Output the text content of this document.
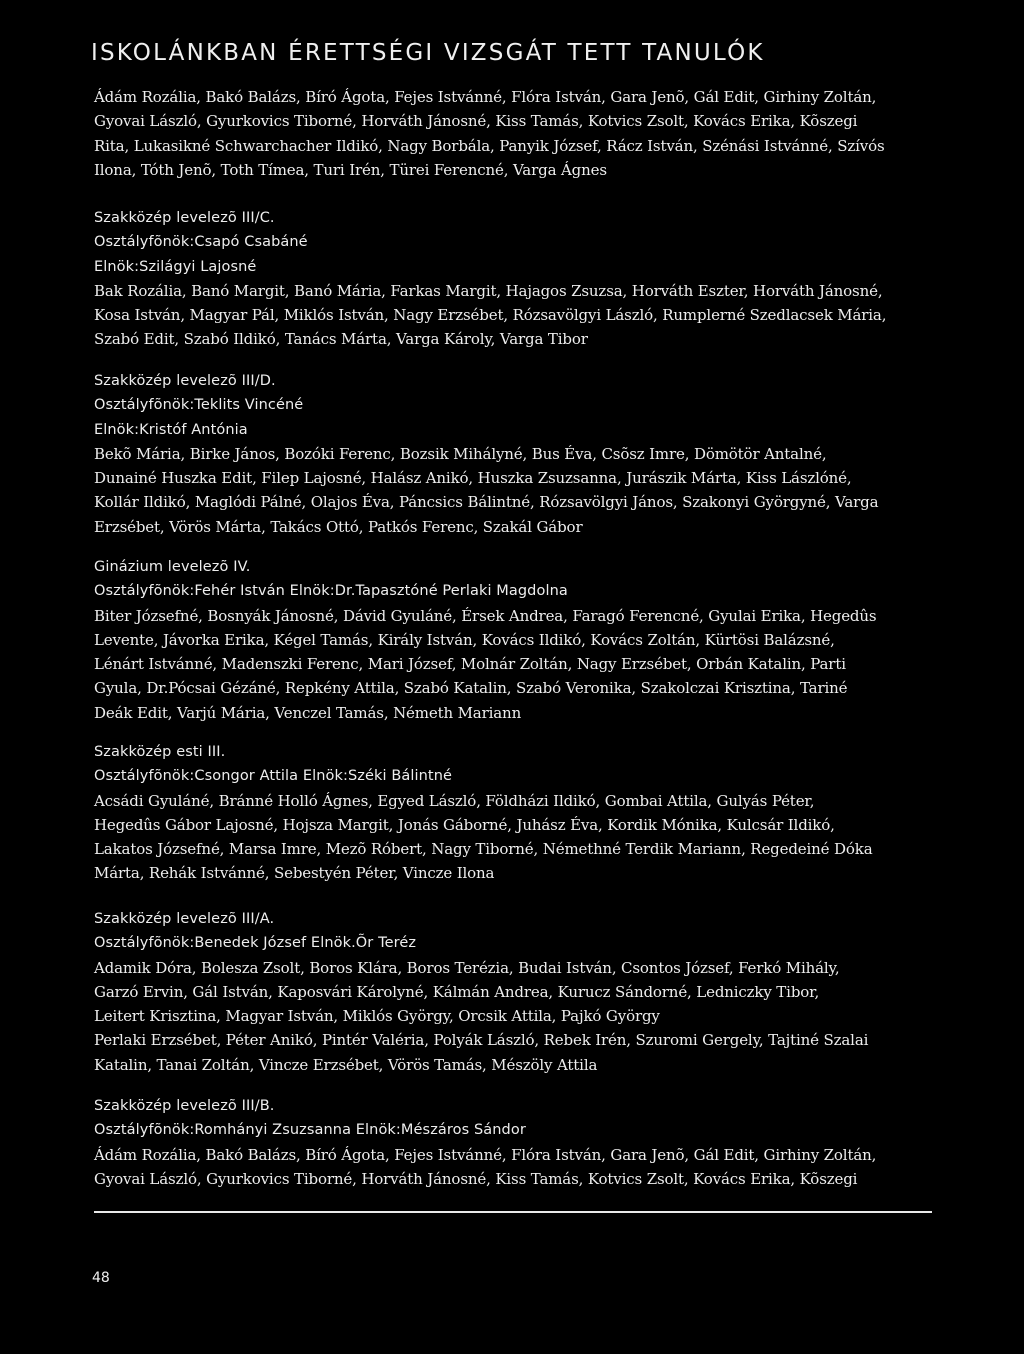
ISKOLÁNKBAN ÉRETTSÉGI VIZSGÁT TETT TANULÓK
Ádám Rozália, Bakó Balázs, Bíró Ágota, Fejes Istvánné, Flóra István, Gara Jenõ, Gál Edit, Girhiny Zoltán,
Gyovai László, Gyurkovics Tiborné, Horváth Jánosné, Kiss Tamás, Kotvics Zsolt, Kovács Erika, Kõszegi
Rita, Lukasikné Schwarchacher Ildikó, Nagy Borbála, Panyik József, Rácz István, Szénási Istvánné, Szívós
Ilona, Tóth Jenõ, Toth Tímea, Turi Irén, Türei Ferencné, Varga Ágnes
Szakközép levelezõ III/C.
Osztályfõnök:Csapó Csabáné
Elnök:Szilágyi Lajosné
Bak Rozália, Banó Margit, Banó Mária, Farkas Margit, Hajagos Zsuzsa, Horváth Eszter, Horváth Jánosné,
Kosa István, Magyar Pál, Miklós István, Nagy Erzsébet, Rózsavölgyi László, Rumplerné Szedlacsek Mária,
Szabó Edit, Szabó Ildikó, Tanács Márta, Varga Károly, Varga Tibor
Szakközép levelezõ III/D.
Osztályfõnök:Teklits Vincéné
Elnök:Kristóf Antónia
Bekõ Mária, Birke János, Bozóki Ferenc, Bozsik Mihályné, Bus Éva, Csõsz Imre, Dömötör Antalné,
Dunainé Huszka Edit, Filep Lajosné, Halász Anikó, Huszka Zsuzsanna, Jurászik Márta, Kiss Lászlóné,
Kollár Ildikó, Maglódi Pálné, Olajos Éva, Páncsics Bálintné, Rózsavölgyi János, Szakonyi Györgyné, Varga
Erzsébet, Vörös Márta, Takács Ottó, Patkós Ferenc, Szakál Gábor
Ginázium levelezõ IV.
Osztályfõnök:Fehér István Elnök:Dr.Tapasztóné Perlaki Magdolna
Biter Józsefné, Bosnyák Jánosné, Dávid Gyuláné, Érsek Andrea, Faragó Ferencné, Gyulai Erika, Hegedûs
Levente, Jávorka Erika, Kégel Tamás, Király István, Kovács Ildikó, Kovács Zoltán, Kürtösi Balázsné,
Lénárt Istvánné, Madenszki Ferenc, Mari József, Molnár Zoltán, Nagy Erzsébet, Orbán Katalin, Parti
Gyula, Dr.Pócsai Gézáné, Repkény Attila, Szabó Katalin, Szabó Veronika, Szakolczai Krisztina, Tariné
Deák Edit, Varjú Mária, Venczel Tamás, Németh Mariann
Szakközép esti III.
Osztályfõnök:Csongor Attila Elnök:Széki Bálintné
Acsádi Gyuláné, Bránné Holló Ágnes, Egyed László, Földházi Ildikó, Gombai Attila, Gulyás Péter,
Hegedûs Gábor Lajosné, Hojsza Margit, Jonás Gáborné, Juhász Éva, Kordik Mónika, Kulcsár Ildikó,
Lakatos Józsefné, Marsa Imre, Mezõ Róbert, Nagy Tiborné, Némethné Terdik Mariann, Regedeiné Dóka
Márta, Rehák Istvánné, Sebestyén Péter, Vincze Ilona
Szakközép levelezõ III/A.
Osztályfõnök:Benedek József Elnök.Õr Teréz
Adamik Dóra, Bolesza Zsolt, Boros Klára, Boros Terézia, Budai István, Csontos József, Ferkó Mihály,
Garzó Ervin, Gál István, Kaposvári Károlyné, Kálmán Andrea, Kurucz Sándorné, Ledniczky Tibor,
Leitert Krisztina, Magyar István, Miklós György, Orcsik Attila, Pajkó György
Perlaki Erzsébet, Péter Anikó, Pintér Valéria, Polyák László, Rebek Irén, Szuromi Gergely, Tajtiné Szalai
Katalin, Tanai Zoltán, Vincze Erzsébet, Vörös Tamás, Mészöly Attila
Szakközép levelezõ III/B.
Osztályfõnök:Romhányi Zsuzsanna Elnök:Mészáros Sándor
Ádám Rozália, Bakó Balázs, Bíró Ágota, Fejes Istvánné, Flóra István, Gara Jenõ, Gál Edit, Girhiny Zoltán,
Gyovai László, Gyurkovics Tiborné, Horváth Jánosné, Kiss Tamás, Kotvics Zsolt, Kovács Erika, Kõszegi
48
